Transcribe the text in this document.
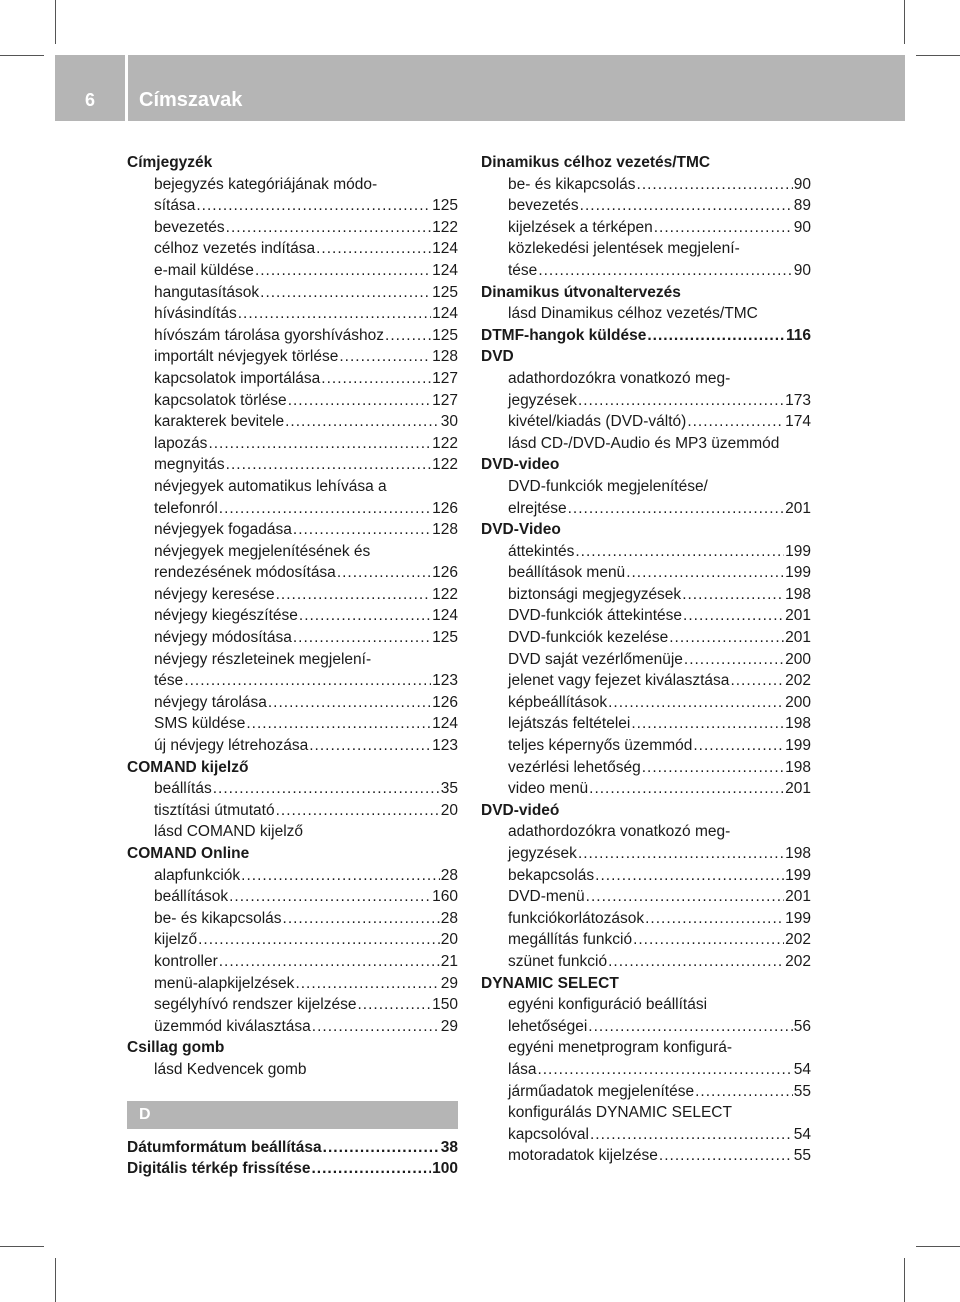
6	Címszavak
Címjegyzék
bejegyzés kategóriájának módo-
sítása .....	125
bevezetés .....	122
célhoz vezetés indítása .....	124
e-mail küldése .....	124
hangutasítások .....	125
hívásindítás .....	124
hívószám tárolása gyorshíváshoz .....	125
importált névjegyek törlése .....	128
kapcsolatok importálása .....	127
kapcsolatok törlése .....	127
karakterek bevitele .....	30
lapozás .....	122
megnyitás .....	122
névjegyek automatikus lehívása a
telefonról .....	126
névjegyek fogadása .....	128
névjegyek megjelenítésének és
rendezésének módosítása .....	126
névjegy keresése .....	122
névjegy kiegészítése .....	124
névjegy módosítása .....	125
névjegy részleteinek megjelení-
tése .....	123
névjegy tárolása .....	126
SMS küldése .....	124
új névjegy létrehozása .....	123
COMAND kijelző
beállítás .....	35
tisztítási útmutató .....	20
lásd COMAND kijelző
COMAND Online
alapfunkciók .....	28
beállítások .....	160
be- és kikapcsolás .....	28
kijelző .....	20
kontroller .....	21
menü-alapkijelzések .....	29
segélyhívó rendszer kijelzése .....	150
üzemmód kiválasztása .....	29
Csillag gomb
lásd Kedvencek gomb
D
Dátumformátum beállítása .....	38
Digitális térkép frissítése .....	100
Dinamikus célhoz vezetés/TMC
be- és kikapcsolás .....	90
bevezetés .....	89
kijelzések a térképen .....	90
közlekedési jelentések megjelení-
tése .....	90
Dinamikus útvonaltervezés
lásd Dinamikus célhoz vezetés/TMC
DTMF-hangok küldése .....	116
DVD
adathordozókra vonatkozó meg-
jegyzések .....	173
kivétel/kiadás (DVD-váltó) .....	174
lásd CD-/DVD-Audio és MP3 üzemmód
DVD-video
DVD-funkciók megjelenítése/
elrejtése .....	201
DVD-Video
áttekintés .....	199
beállítások menü .....	199
biztonsági megjegyzések .....	198
DVD-funkciók áttekintése .....	201
DVD-funkciók kezelése .....	201
DVD saját vezérlőmenüje .....	200
jelenet vagy fejezet kiválasztása .....	202
képbeállítások .....	200
lejátszás feltételei .....	198
teljes képernyős üzemmód .....	199
vezérlési lehetőség .....	198
video menü .....	201
DVD-videó
adathordozókra vonatkozó meg-
jegyzések .....	198
bekapcsolás .....	199
DVD-menü .....	201
funkciókorlátozások .....	199
megállítás funkció .....	202
szünet funkció .....	202
DYNAMIC SELECT
egyéni konfiguráció beállítási
lehetőségei .....	56
egyéni menetprogram konfigurá-
lása .....	54
járműadatok megjelenítése .....	55
konfigurálás DYNAMIC SELECT
kapcsolóval .....	54
motoradatok kijelzése .....	55
